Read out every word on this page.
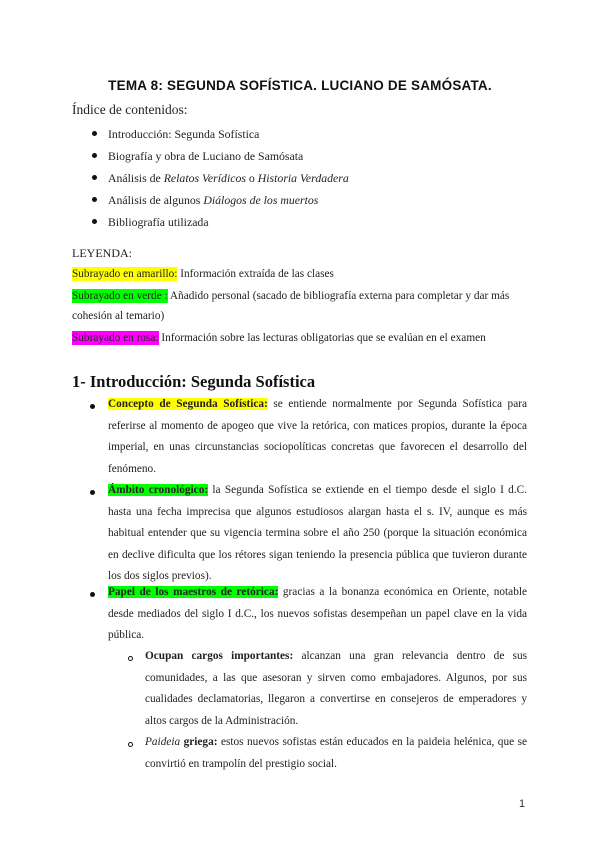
TEMA 8: SEGUNDA SOFÍSTICA. LUCIANO DE SAMÓSATA.
Índice de contenidos:
Introducción: Segunda Sofística
Biografía y obra de Luciano de Samósata
Análisis de Relatos Verídicos o Historia Verdadera
Análisis de algunos Diálogos de los muertos
Bibliografía utilizada
LEYENDA:
Subrayado en amarillo: Información extraída de las clases
Subrayado en verde : Añadido personal (sacado de bibliografía externa para completar y dar más cohesión al temario)
Subrayado en rosa: Información sobre las lecturas obligatorias que se evalúan en el examen
1- Introducción: Segunda Sofística
Concepto de Segunda Sofística: se entiende normalmente por Segunda Sofística para referirse al momento de apogeo que vive la retórica, con matices propios, durante la época imperial, en unas circunstancias sociopolíticas concretas que favorecen el desarrollo del fenómeno.
Ámbito cronológico: la Segunda Sofística se extiende en el tiempo desde el siglo I d.C. hasta una fecha imprecisa que algunos estudiosos alargan hasta el s. IV, aunque es más habitual entender que su vigencia termina sobre el año 250 (porque la situación económica en declive dificulta que los rétores sigan teniendo la presencia pública que tuvieron durante los dos siglos previos).
Papel de los maestros de retórica: gracias a la bonanza económica en Oriente, notable desde mediados del siglo I d.C., los nuevos sofistas desempeñan un papel clave en la vida pública.
Ocupan cargos importantes: alcanzan una gran relevancia dentro de sus comunidades, a las que asesoran y sirven como embajadores. Algunos, por sus cualidades declamatorias, llegaron a convertirse en consejeros de emperadores y altos cargos de la Administración.
Paideia griega: estos nuevos sofistas están educados en la paideia helénica, que se convirtió en trampolín del prestigio social.
1
